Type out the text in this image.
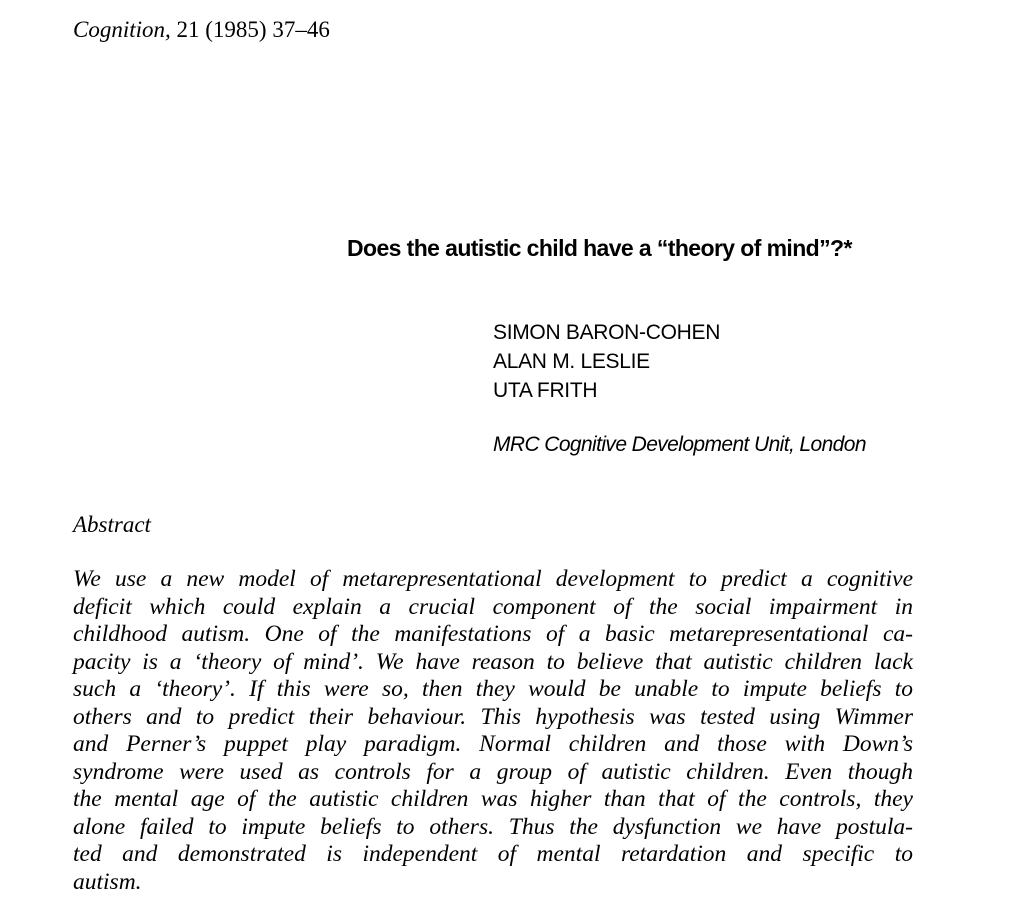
Cognition, 21 (1985) 37–46
Does the autistic child have a “theory of mind”?*
SIMON BARON-COHEN
ALAN M. LESLIE
UTA FRITH
MRC Cognitive Development Unit, London
Abstract
We use a new model of metarepresentational development to predict a cognitive
deficit which could explain a crucial component of the social impairment in
childhood autism. One of the manifestations of a basic metarepresentational ca-
pacity is a ‘theory of mind’. We have reason to believe that autistic children lack
such a ‘theory’. If this were so, then they would be unable to impute beliefs to
others and to predict their behaviour. This hypothesis was tested using Wimmer
and Perner’s puppet play paradigm. Normal children and those with Down’s
syndrome were used as controls for a group of autistic children. Even though
the mental age of the autistic children was higher than that of the controls, they
alone failed to impute beliefs to others. Thus the dysfunction we have postula-
ted and demonstrated is independent of mental retardation and specific to
autism.
